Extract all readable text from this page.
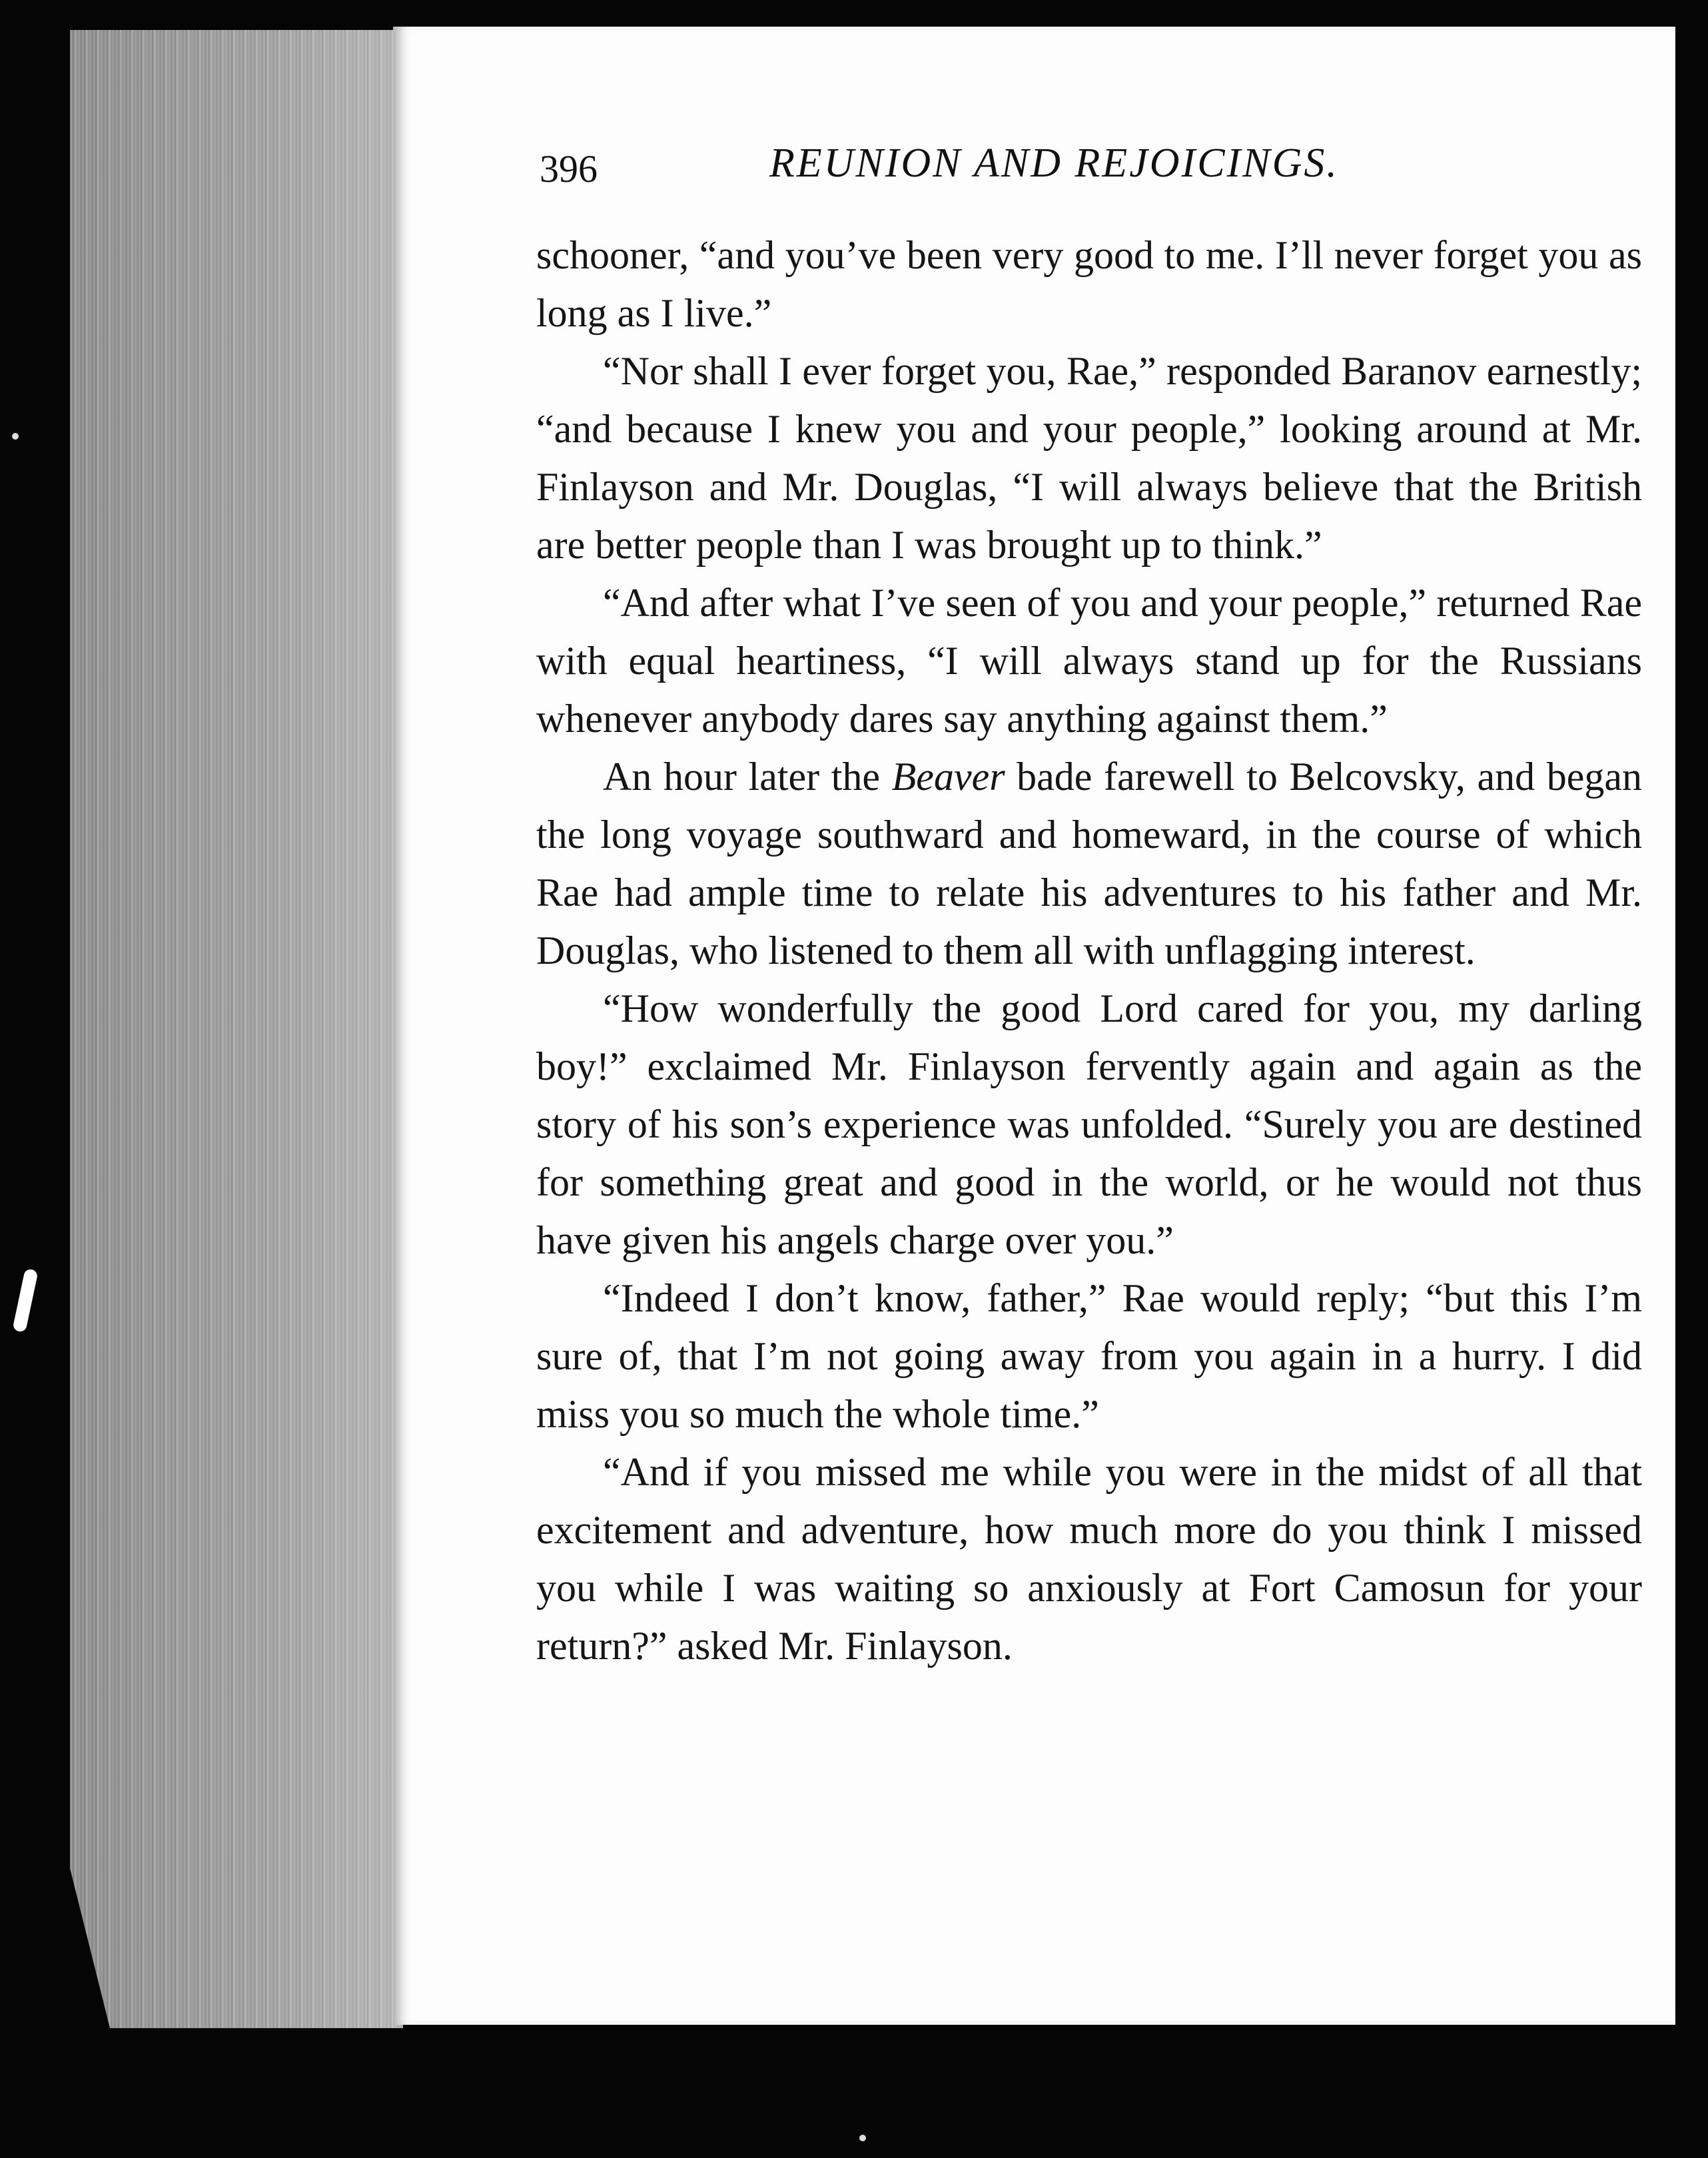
396	REUNION AND REJOICINGS.

schooner, “and you’ve been very good to me. I’ll never forget you as long as I live.”

“Nor shall I ever forget you, Rae,” responded Baranov earnestly; “and because I knew you and your people,” looking around at Mr. Finlayson and Mr. Douglas, “I will always believe that the British are better people than I was brought up to think.”

“And after what I’ve seen of you and your people,” returned Rae with equal heartiness, “I will always stand up for the Russians whenever anybody dares say anything against them.”

An hour later the Beaver bade farewell to Belcovsky, and began the long voyage southward and homeward, in the course of which Rae had ample time to relate his adventures to his father and Mr. Douglas, who listened to them all with unflagging interest.

“How wonderfully the good Lord cared for you, my darling boy!” exclaimed Mr. Finlayson fervently again and again as the story of his son’s experience was unfolded. “Surely you are destined for something great and good in the world, or he would not thus have given his angels charge over you.”

“Indeed I don’t know, father,” Rae would reply; “but this I’m sure of, that I’m not going away from you again in a hurry. I did miss you so much the whole time.”

“And if you missed me while you were in the midst of all that excitement and adventure, how much more do you think I missed you while I was waiting so anxiously at Fort Camosun for your return?” asked Mr. Finlayson.
